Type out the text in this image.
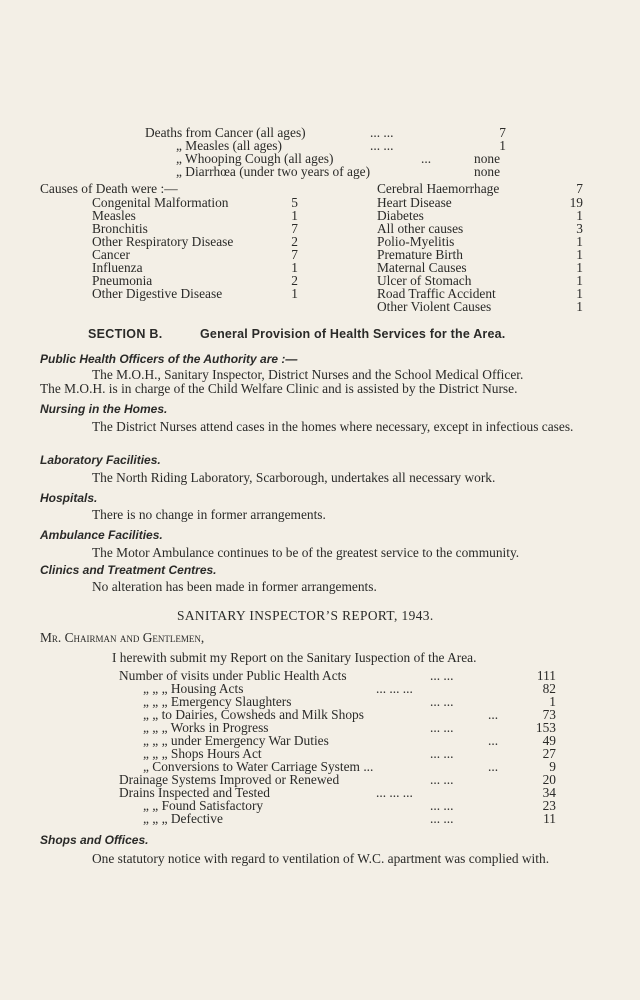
Deaths from Cancer (all ages)	... ...	7
„ Measles (all ages)	... ...	1
„ Whooping Cough (all ages)	...	none
„ Diarrhœa (under two years of age)	none
Causes of Death were :—
Congenital Malformation	5
Measles	1
Bronchitis	7
Other Respiratory Disease	2
Cancer	7
Influenza	1
Pneumonia	2
Other Digestive Disease	1
Cerebral Haemorrhage	7
Heart Disease	19
Diabetes	1
All other causes	3
Polio-Myelitis	1
Premature Birth	1
Maternal Causes	1
Ulcer of Stomach	1
Road Traffic Accident	1
Other Violent Causes	1
SECTION B.	General Provision of Health Services for the Area.
Public Health Officers of the Authority are :—
The M.O.H., Sanitary Inspector, District Nurses and the School Medical Officer.
The M.O.H. is in charge of the Child Welfare Clinic and is assisted by the District Nurse.
Nursing in the Homes.
The District Nurses attend cases in the homes where necessary, except in infectious cases.
Laboratory Facilities.
The North Riding Laboratory, Scarborough, undertakes all necessary work.
Hospitals.
There is no change in former arrangements.
Ambulance Facilities.
The Motor Ambulance continues to be of the greatest service to the community.
Clinics and Treatment Centres.
No alteration has been made in former arrangements.
SANITARY INSPECTOR’S REPORT, 1943.
Mr. Chairman and Gentlemen,
I herewith submit my Report on the Sanitary Iuspection of the Area.
Number of visits under Public Health Acts	... ...	111
„ „ „ Housing Acts	... ... ...	82
„ „ „ Emergency Slaughters	... ...	1
„ „ to Dairies, Cowsheds and Milk Shops	...	73
„ „ „ Works in Progress	... ...	153
„ „ „ under Emergency War Duties	...	49
„ „ „ Shops Hours Act	... ...	27
„ Conversions to Water Carriage System ...	...	9
Drainage Systems Improved or Renewed	... ...	20
Drains Inspected and Tested	... ... ...	34
„ „ Found Satisfactory	... ...	23
„ „ „ Defective	... ...	11
Shops and Offices.
One statutory notice with regard to ventilation of W.C. apartment was complied with.
